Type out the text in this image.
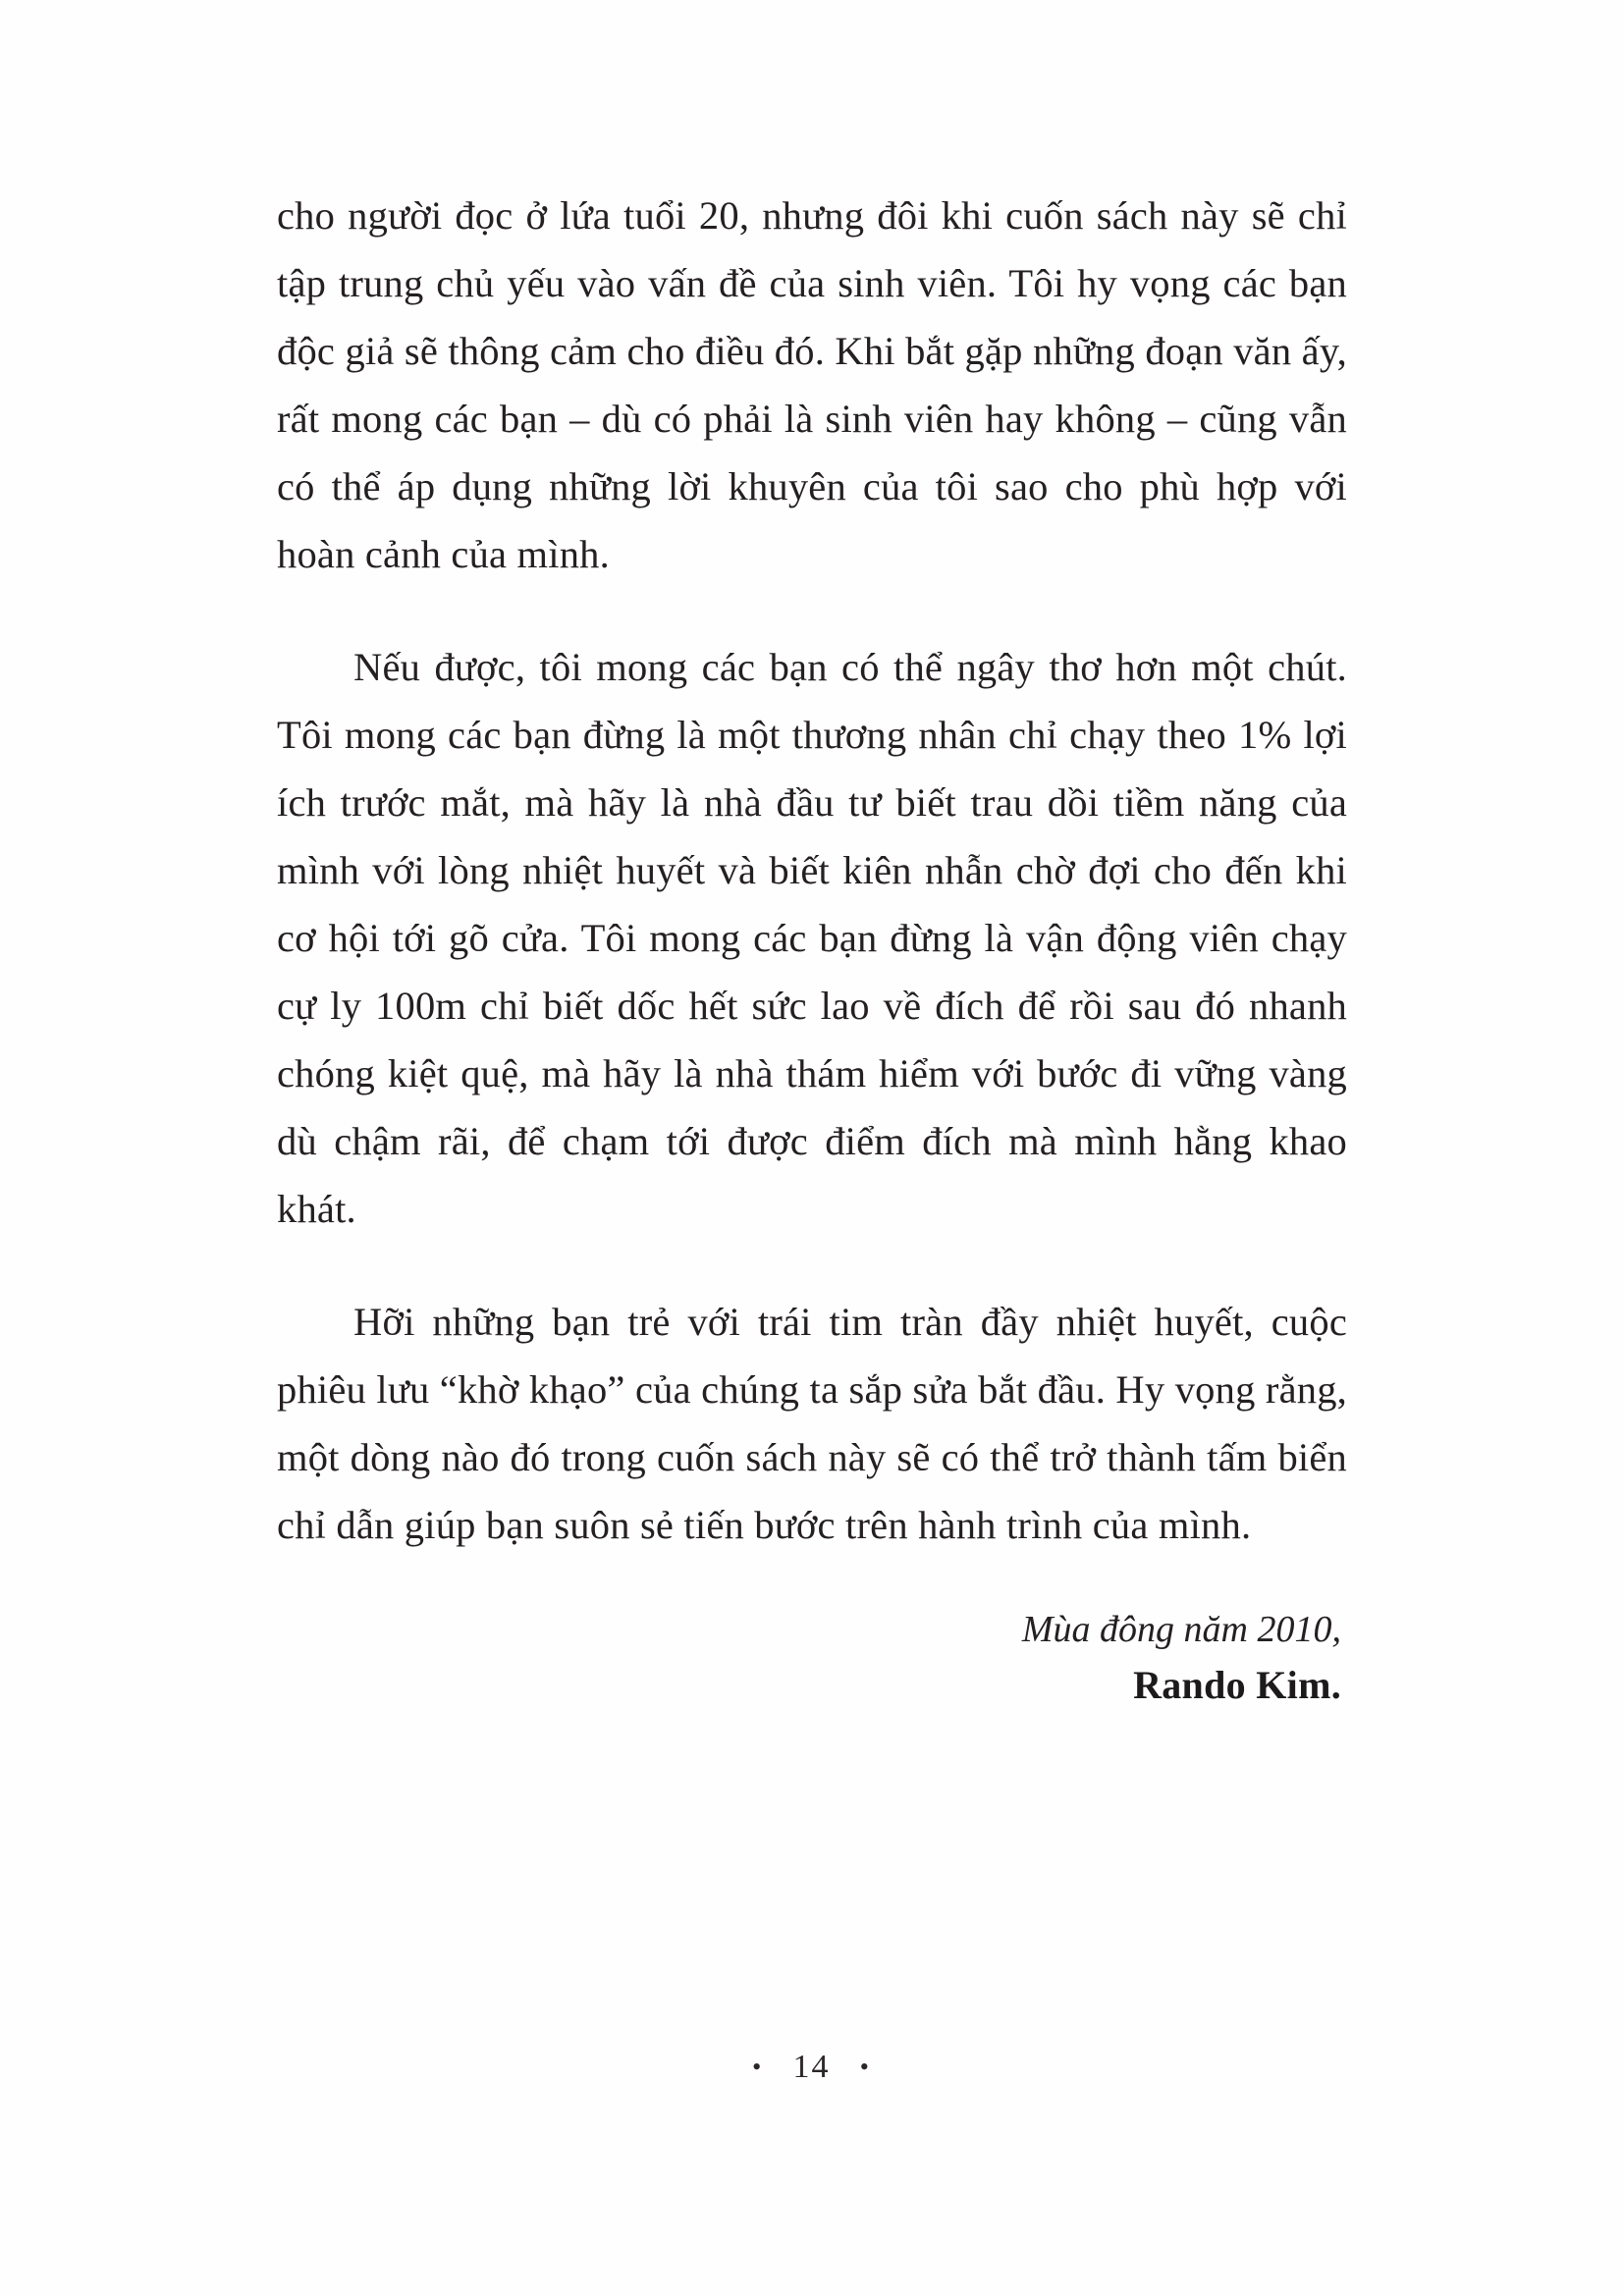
cho người đọc ở lứa tuổi 20, nhưng đôi khi cuốn sách này sẽ chỉ tập trung chủ yếu vào vấn đề của sinh viên. Tôi hy vọng các bạn độc giả sẽ thông cảm cho điều đó. Khi bắt gặp những đoạn văn ấy, rất mong các bạn – dù có phải là sinh viên hay không – cũng vẫn có thể áp dụng những lời khuyên của tôi sao cho phù hợp với hoàn cảnh của mình.

Nếu được, tôi mong các bạn có thể ngây thơ hơn một chút. Tôi mong các bạn đừng là một thương nhân chỉ chạy theo 1% lợi ích trước mắt, mà hãy là nhà đầu tư biết trau dồi tiềm năng của mình với lòng nhiệt huyết và biết kiên nhẫn chờ đợi cho đến khi cơ hội tới gõ cửa. Tôi mong các bạn đừng là vận động viên chạy cự ly 100m chỉ biết dốc hết sức lao về đích để rồi sau đó nhanh chóng kiệt quệ, mà hãy là nhà thám hiểm với bước đi vững vàng dù chậm rãi, để chạm tới được điểm đích mà mình hằng khao khát.

Hỡi những bạn trẻ với trái tim tràn đầy nhiệt huyết, cuộc phiêu lưu “khờ khạo” của chúng ta sắp sửa bắt đầu. Hy vọng rằng, một dòng nào đó trong cuốn sách này sẽ có thể trở thành tấm biển chỉ dẫn giúp bạn suôn sẻ tiến bước trên hành trình của mình.

Mùa đông năm 2010,
Rando Kim.
• 14 •
